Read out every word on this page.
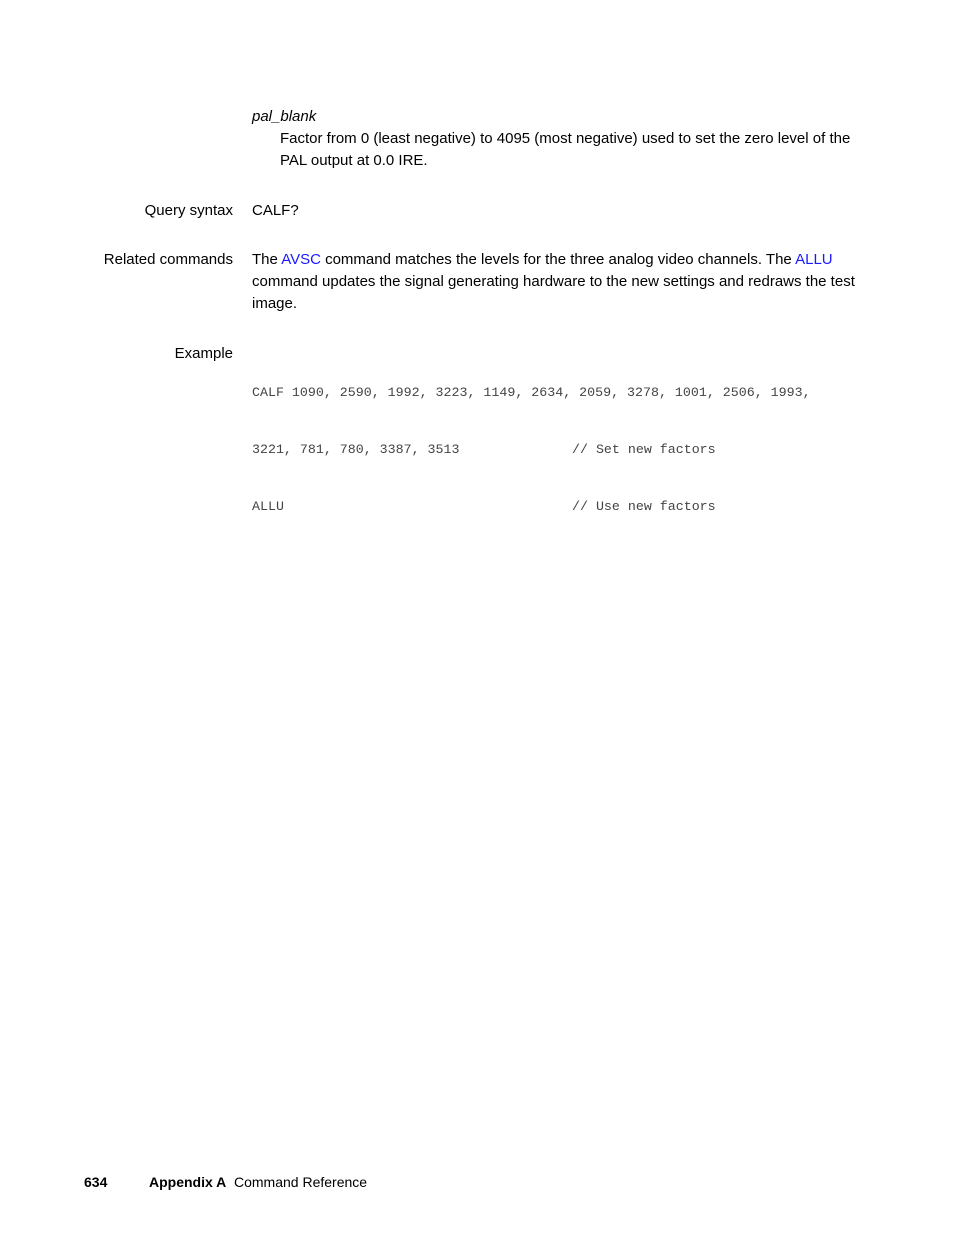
pal_blank
Factor from 0 (least negative) to 4095 (most negative) used to set the zero level of the PAL output at 0.0 IRE.
Query syntax CALF?
Related commands The AVSC command matches the levels for the three analog video channels. The ALLU command updates the signal generating hardware to the new settings and redraws the test image.
Example

CALF 1090, 2590, 1992, 3223, 1149, 2634, 2059, 3278, 1001, 2506, 1993,

3221, 781, 780, 3387, 3513	// Set new factors

ALLU	// Use new factors

634	Appendix A Command Reference
